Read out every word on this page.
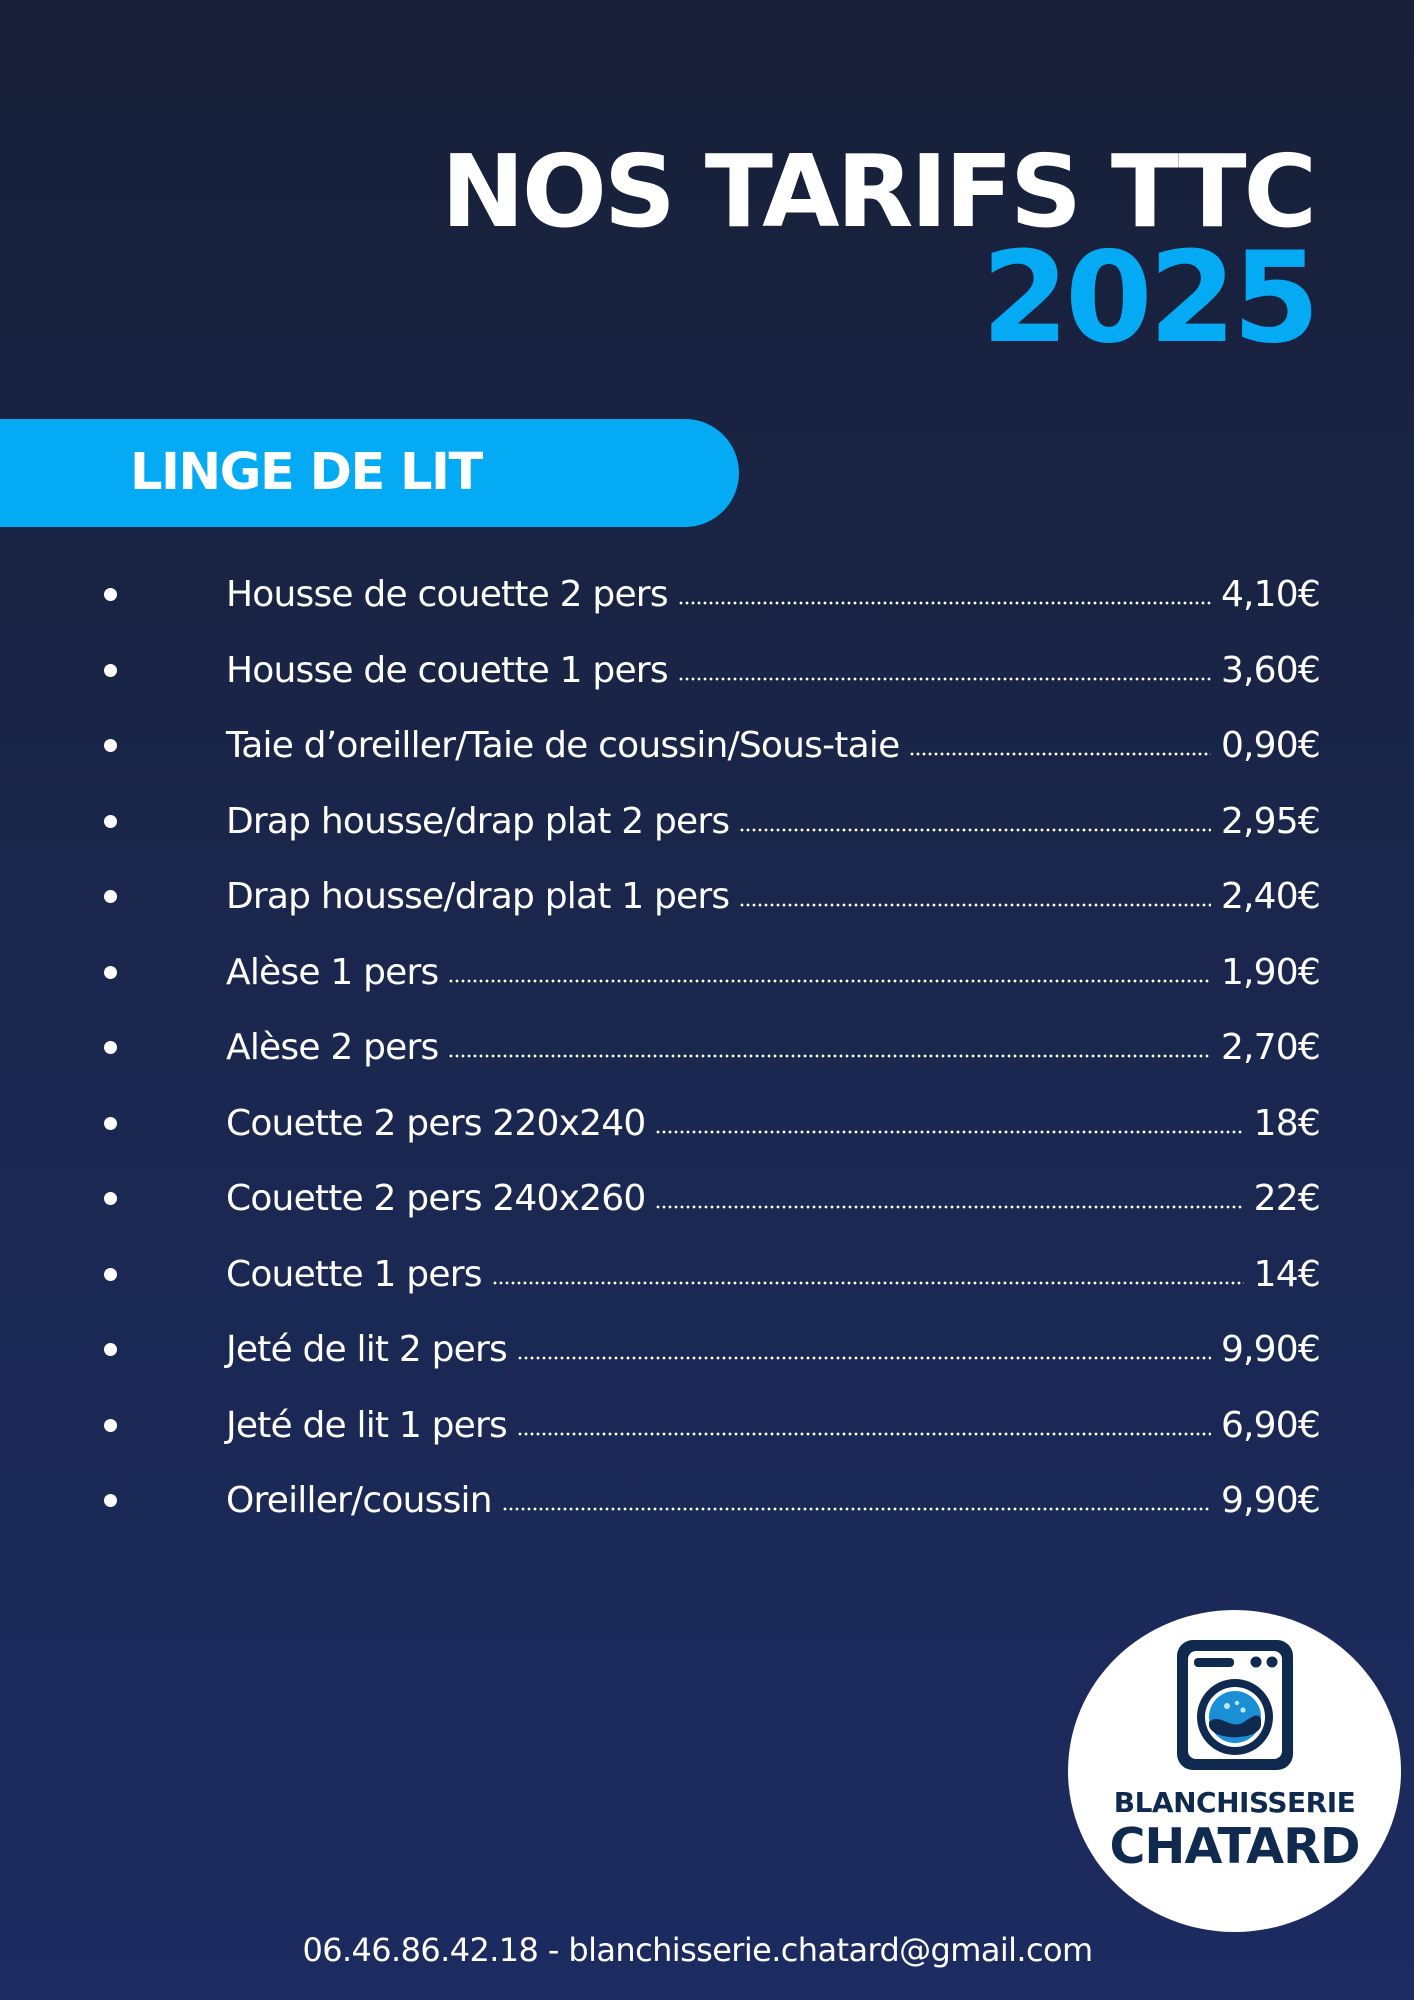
NOS TARIFS TTC
2025
LINGE DE LIT
Housse de couette 2 pers	4,10€
Housse de couette 1 pers	3,60€
Taie d’oreiller/Taie de coussin/Sous-taie	0,90€
Drap housse/drap plat 2 pers	2,95€
Drap housse/drap plat 1 pers	2,40€
Alèse 1 pers	1,90€
Alèse 2 pers	2,70€
Couette 2 pers 220x240	18€
Couette 2 pers 240x260	22€
Couette 1 pers	14€
Jeté de lit 2 pers	9,90€
Jeté de lit 1 pers	6,90€
Oreiller/coussin	9,90€
BLANCHISSERIE
CHATARD
06.46.86.42.18 - blanchisserie.chatard@gmail.com
